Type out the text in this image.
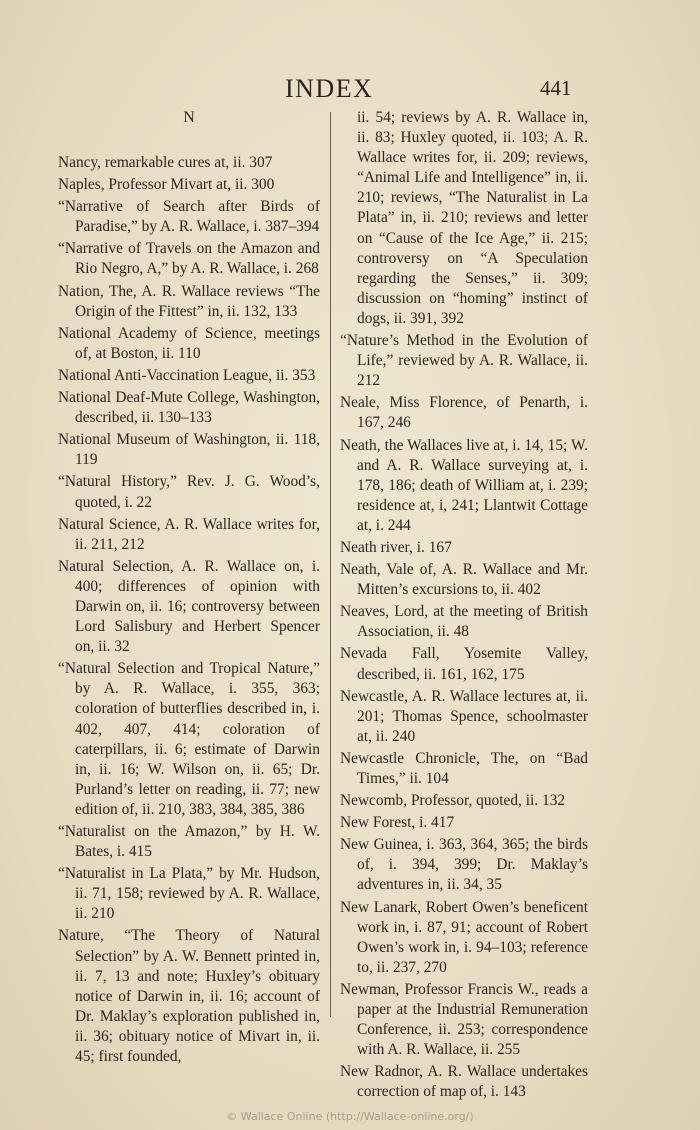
INDEX	441
N
Nancy, remarkable cures at, ii. 307
Naples, Professor Mivart at, ii. 300
“Narrative of Search after Birds of Paradise,” by A. R. Wallace, i. 387–394
“Narrative of Travels on the Amazon and Rio Negro, A,” by A. R. Wallace, i. 268
Nation, The, A. R. Wallace reviews “The Origin of the Fittest” in, ii. 132, 133
National Academy of Science, meetings of, at Boston, ii. 110
National Anti-Vaccination League, ii. 353
National Deaf-Mute College, Washington, described, ii. 130–133
National Museum of Washington, ii. 118, 119
“Natural History,” Rev. J. G. Wood’s, quoted, i. 22
Natural Science, A. R. Wallace writes for, ii. 211, 212
Natural Selection, A. R. Wallace on, i. 400; differences of opinion with Darwin on, ii. 16; controversy between Lord Salisbury and Herbert Spencer on, ii. 32
“Natural Selection and Tropical Nature,” by A. R. Wallace, i. 355, 363; coloration of butterflies described in, i. 402, 407, 414; coloration of caterpillars, ii. 6; estimate of Darwin in, ii. 16; W. Wilson on, ii. 65; Dr. Purland’s letter on reading, ii. 77; new edition of, ii. 210, 383, 384, 385, 386
“Naturalist on the Amazon,” by H. W. Bates, i. 415
“Naturalist in La Plata,” by Mr. Hudson, ii. 71, 158; reviewed by A. R. Wallace, ii. 210
Nature, “The Theory of Natural Selection” by A. W. Bennett printed in, ii. 7, 13 and note; Huxley’s obituary notice of Darwin in, ii. 16; account of Dr. Maklay’s exploration published in, ii. 36; obituary notice of Mivart in, ii. 45; first founded,
ii. 54; reviews by A. R. Wallace in, ii. 83; Huxley quoted, ii. 103; A. R. Wallace writes for, ii. 209; reviews, “Animal Life and Intelligence” in, ii. 210; reviews, “The Naturalist in La Plata” in, ii. 210; reviews and letter on “Cause of the Ice Age,” ii. 215; controversy on “A Speculation regarding the Senses,” ii. 309; discussion on “homing” instinct of dogs, ii. 391, 392
“Nature’s Method in the Evolution of Life,” reviewed by A. R. Wallace, ii. 212
Neale, Miss Florence, of Penarth, i. 167, 246
Neath, the Wallaces live at, i. 14, 15; W. and A. R. Wallace surveying at, i. 178, 186; death of William at, i. 239; residence at, i, 241; Llantwit Cottage at, i. 244
Neath river, i. 167
Neath, Vale of, A. R. Wallace and Mr. Mitten’s excursions to, ii. 402
Neaves, Lord, at the meeting of British Association, ii. 48
Nevada Fall, Yosemite Valley, described, ii. 161, 162, 175
Newcastle, A. R. Wallace lectures at, ii. 201; Thomas Spence, schoolmaster at, ii. 240
Newcastle Chronicle, The, on “Bad Times,” ii. 104
Newcomb, Professor, quoted, ii. 132
New Forest, i. 417
New Guinea, i. 363, 364, 365; the birds of, i. 394, 399; Dr. Maklay’s adventures in, ii. 34, 35
New Lanark, Robert Owen’s beneficent work in, i. 87, 91; account of Robert Owen’s work in, i. 94–103; reference to, ii. 237, 270
Newman, Professor Francis W., reads a paper at the Industrial Remuneration Conference, ii. 253; correspondence with A. R. Wallace, ii. 255
New Radnor, A. R. Wallace undertakes correction of map of, i. 143
© Wallace Online (http://Wallace-online.org/)
